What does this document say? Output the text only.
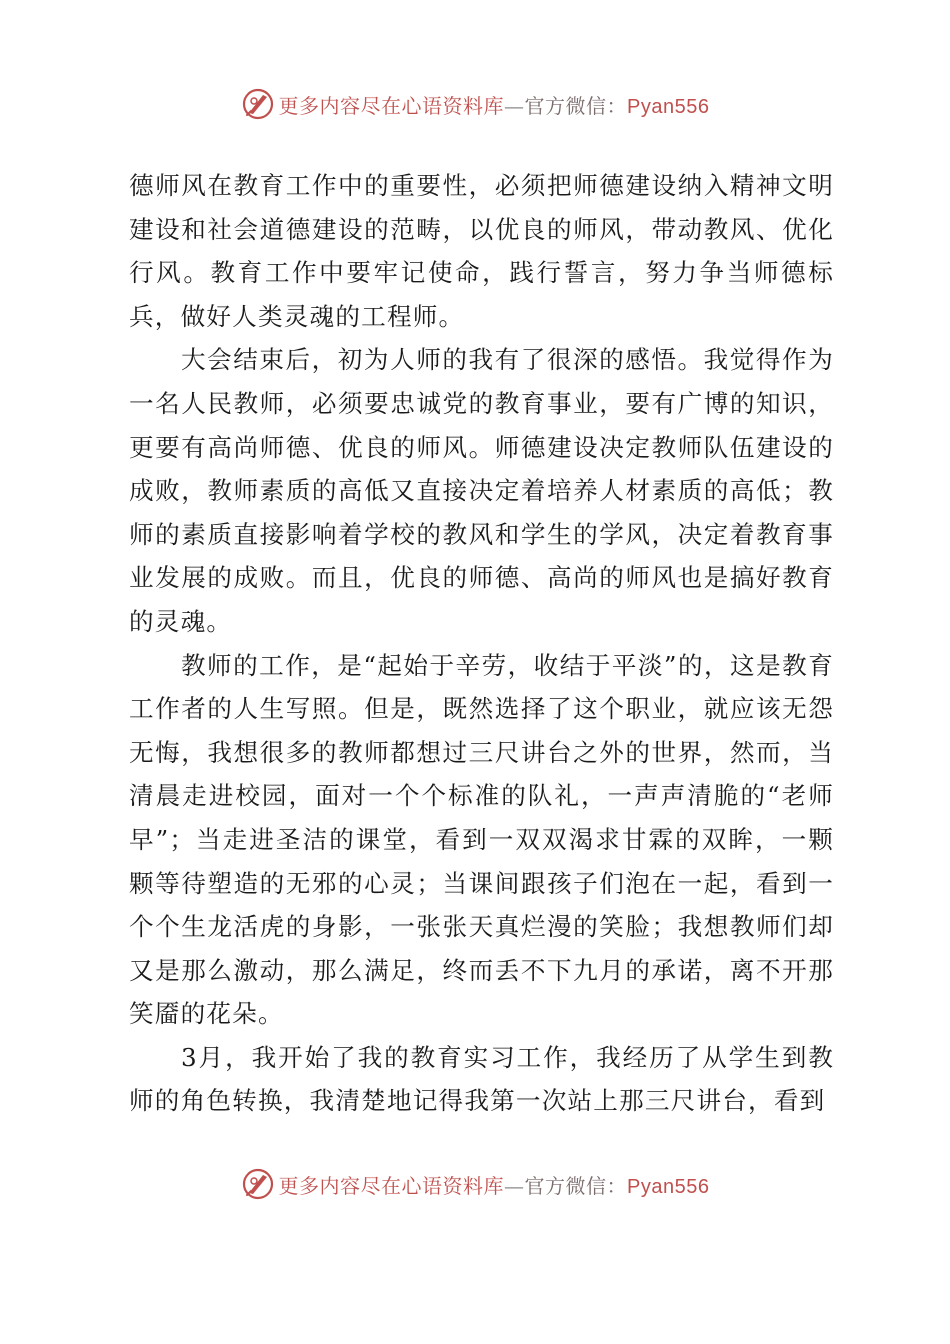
更多内容尽在心语资料库—官方微信：Pyan556

德师风在教育工作中的重要性，必须把师德建设纳入精神文明建设和社会道德建设的范畴，以优良的师风，带动教风、优化行风。教育工作中要牢记使命，践行誓言，努力争当师德标兵，做好人类灵魂的工程师。

大会结束后，初为人师的我有了很深的感悟。我觉得作为一名人民教师，必须要忠诚党的教育事业，要有广博的知识，更要有高尚师德、优良的师风。师德建设决定教师队伍建设的成败，教师素质的高低又直接决定着培养人材素质的高低；教师的素质直接影响着学校的教风和学生的学风，决定着教育事业发展的成败。而且，优良的师德、高尚的师风也是搞好教育的灵魂。

教师的工作，是“起始于辛劳，收结于平淡”的，这是教育工作者的人生写照。但是，既然选择了这个职业，就应该无怨无悔，我想很多的教师都想过三尺讲台之外的世界，然而，当清晨走进校园，面对一个个标准的队礼，一声声清脆的“老师早”；当走进圣洁的课堂，看到一双双渴求甘霖的双眸，一颗颗等待塑造的无邪的心灵；当课间跟孩子们泡在一起，看到一个个生龙活虎的身影，一张张天真烂漫的笑脸；我想教师们却又是那么激动，那么满足，终而丢不下九月的承诺，离不开那笑靥的花朵。

3月，我开始了我的教育实习工作，我经历了从学生到教师的角色转换，我清楚地记得我第一次站上那三尺讲台，看到

更多内容尽在心语资料库—官方微信：Pyan556
